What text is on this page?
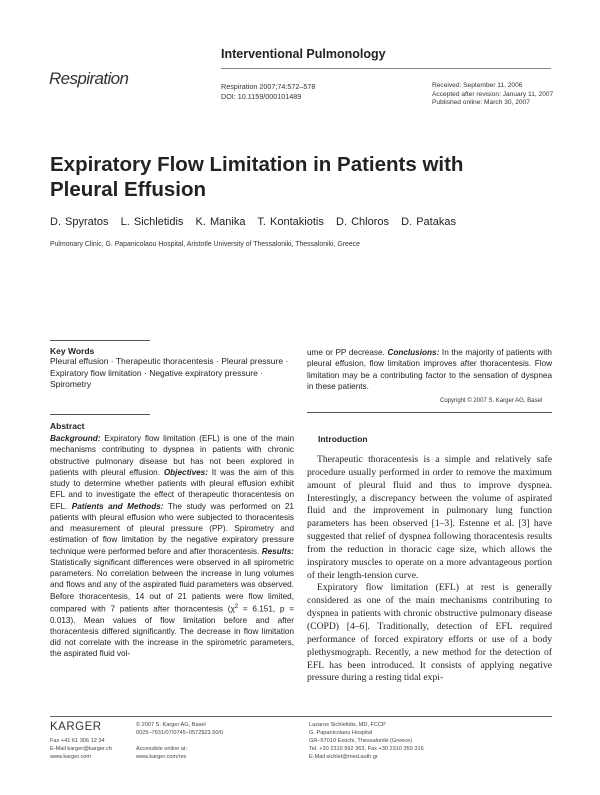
Interventional Pulmonology
Respiration	Respiration 2007;74:572–578
DOI: 10.1159/000101489
Received: September 11, 2006
Accepted after revision: January 11, 2007
Published online: March 30, 2007
Expiratory Flow Limitation in Patients with Pleural Effusion
D. Spyratos   L. Sichletidis   K. Manika   T. Kontakiotis   D. Chloros   D. Patakas
Pulmonary Clinic, G. Papanicolaou Hospital, Aristotle University of Thessaloniki, Thessaloniki, Greece
Key Words
Pleural effusion · Therapeutic thoracentesis · Pleural pressure · Expiratory flow limitation · Negative expiratory pressure · Spirometry
Abstract
Background: Expiratory flow limitation (EFL) is one of the main mechanisms contributing to dyspnea in patients with chronic obstructive pulmonary disease but has not been explored in patients with pleural effusion. Objectives: It was the aim of this study to determine whether patients with pleural effusion exhibit EFL and to investigate the effect of therapeutic thoracentesis on EFL. Patients and Methods: The study was performed on 21 patients with pleural effusion who were subjected to thoracentesis and measurement of pleural pressure (PP). Spirometry and estimation of flow limitation by the negative expiratory pressure technique were performed before and after thoracentesis. Results: Statistically significant differences were observed in all spirometric parameters. No correlation between the increase in lung volumes and flows and any of the aspirated fluid parameters was observed. Before thoracentesis, 14 out of 21 patients were flow limited, compared with 7 patients after thoracentesis ($\chi^2 = 6.151$, p = 0.013). Mean values of flow limitation before and after thoracentesis differed significantly. The decrease in flow limitation did not correlate with the increase in the spirometric parameters, the aspirated fluid vol-
ume or PP decrease. Conclusions: In the majority of patients with pleural effusion, flow limitation improves after thoracentesis. Flow limitation may be a contributing factor to the sensation of dyspnea in these patients.
Copyright © 2007 S. Karger AG, Basel
Introduction

Therapeutic thoracentesis is a simple and relatively safe procedure usually performed in order to remove the maximum amount of pleural fluid and thus to improve dyspnea. Interestingly, a discrepancy between the volume of aspirated fluid and the improvement in pulmonary lung function parameters has been observed [1–3]. Estenne et al. [3] have suggested that relief of dyspnea following thoracentesis results from the reduction in thoracic cage size, which allows the inspiratory muscles to operate on a more advantageous portion of their length-tension curve.

Expiratory flow limitation (EFL) at rest is generally considered as one of the main mechanisms contributing to dyspnea in patients with chronic obstructive pulmonary disease (COPD) [4–6]. Traditionally, detection of EFL required performance of forced expiratory efforts or use of a body plethysmograph. Recently, a new method for the detection of EFL has been introduced. It consists of applying negative pressure during a resting tidal expi-

KARGER
Fax +41 61 306 12 34
E-Mail karger@karger.ch
www.karger.com
© 2007 S. Karger AG, Basel
0025–7931/07/0745–0572$23.50/0
Accessible online at:
www.karger.com/res
Lazaros Sichletidis, MD, FCCP
G. Papanicolaou Hospital
GR–57010 Exochi, Thessaloniki (Greece)
Tel. +30 2310 992 363, Fax +30 2310 350 316
E-Mail sichlet@med.auth.gr
